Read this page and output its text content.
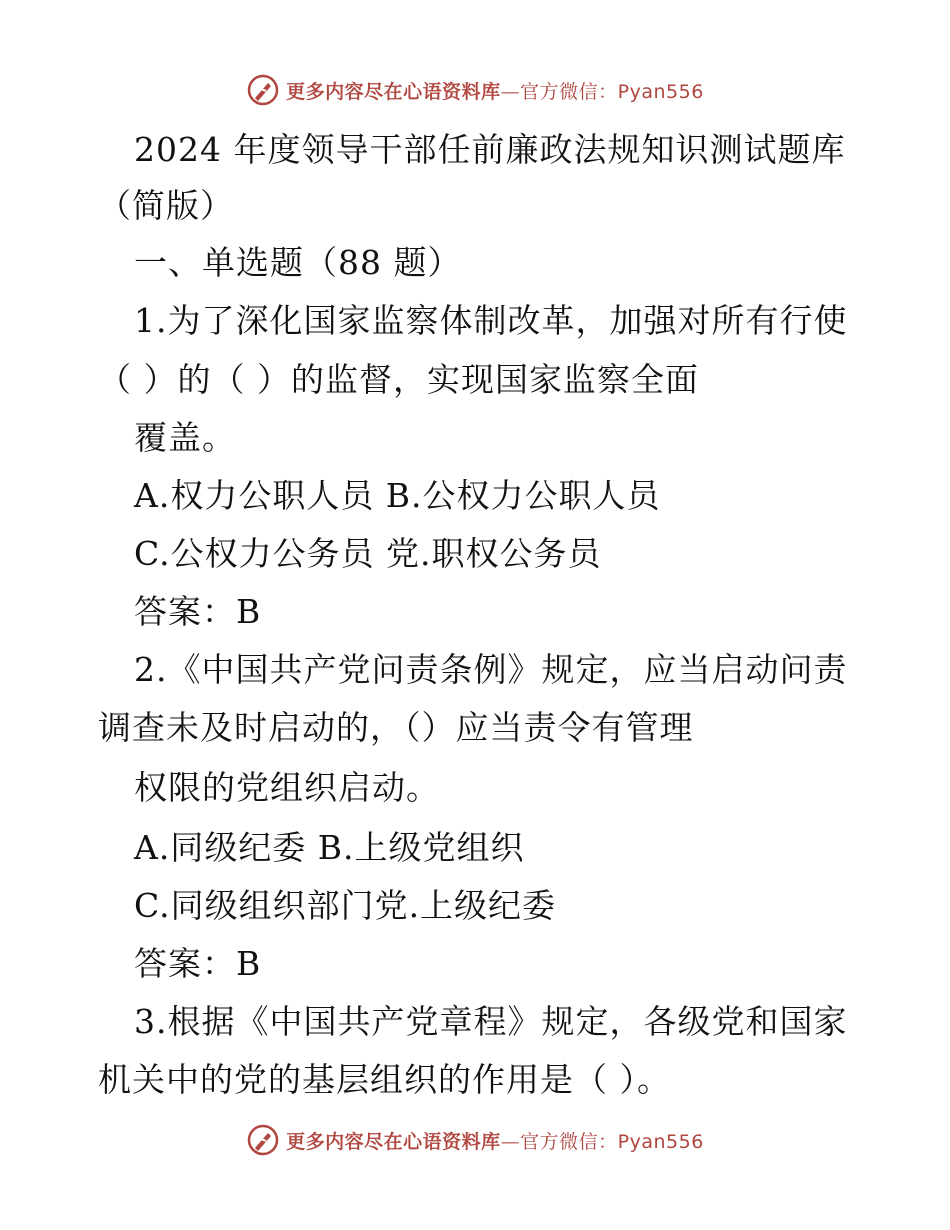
更多内容尽在心语资料库—官方微信：Pyan556
2024 年度领导干部任前廉政法规知识测试题库
（简版）
一、单选题（88 题）
1.为了深化国家监察体制改革，加强对所有行使
（ ）的（ ）的监督，实现国家监察全面
覆盖。
A.权力公职人员 B.公权力公职人员
C.公权力公务员 党.职权公务员
答案：B
2.《中国共产党问责条例》规定，应当启动问责
调查未及时启动的，（）应当责令有管理
权限的党组织启动。
A.同级纪委 B.上级党组织
C.同级组织部门党.上级纪委
答案：B
3.根据《中国共产党章程》规定，各级党和国家
机关中的党的基层组织的作用是（ ）。
更多内容尽在心语资料库—官方微信：Pyan556
